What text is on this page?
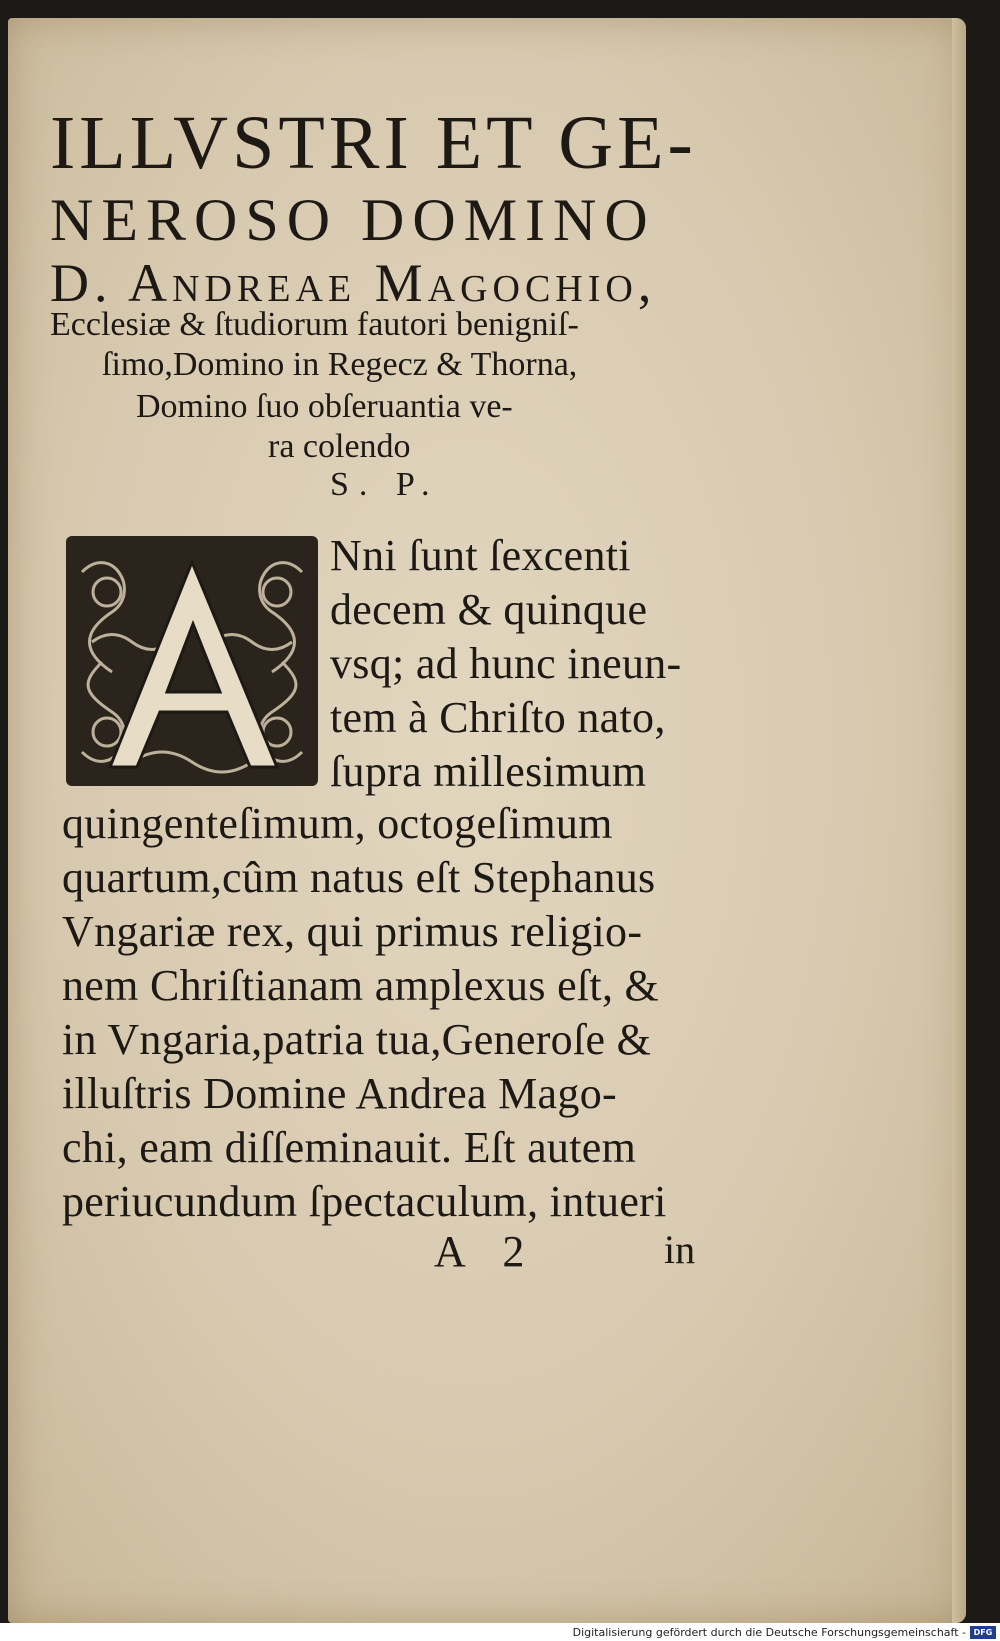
ILLVSTRI ET GE-
NEROSO DOMINO
D. Andreae Magochio,
Ecclesiæ & ſtudiorum fautori benigniſ-
ſimo,Domino in Regecz & Thorna,
Domino ſuo obſeruantia ve-
ra colendo
S. P.
Nni ſunt ſexcenti
decem & quinque
vsq; ad hunc ineun-
tem à Chriſto nato,
ſupra millesimum
quingenteſimum, octogeſimum
quartum,cûm natus eſt Stephanus
Vngariæ rex, qui primus religio-
nem Chriſtianam amplexus eſt, &
in Vngaria,patria tua,Generoſe &
illuſtris Domine Andrea Mago-
chi, eam diſſeminauit. Eſt autem
periucundum ſpectaculum, intueri
A 2	in
Digitalisierung gefördert durch die Deutsche Forschungsgemeinschaft - DFG
